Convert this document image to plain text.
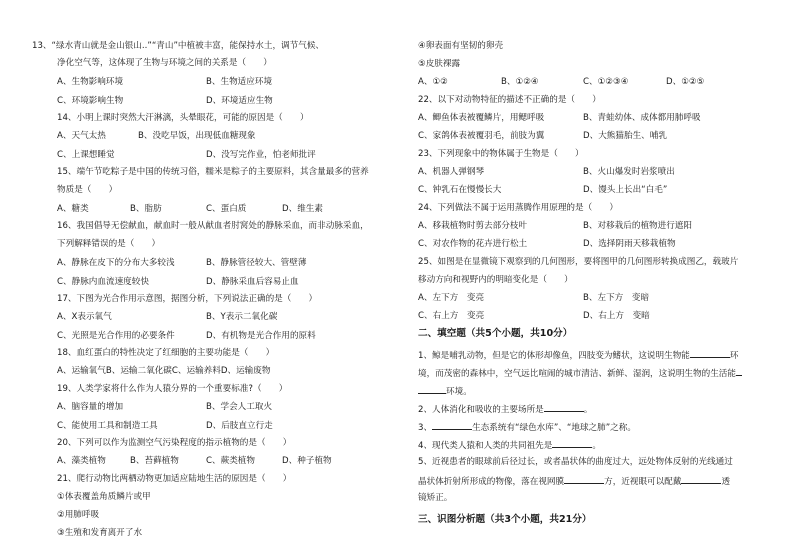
13、“绿水青山就是金山银山..”“青山”中植被丰富，能保持水土，调节气候、
净化空气等，这体现了生物与环境之间的关系是（　　）
A、生物影响环境	B、生物适应环境
C、环境影响生物	D、环境适应生物
14、小明上课时突然大汗淋漓，头晕眼花，可能的原因是（　　）
A、天气太热	B、没吃早饭，出现低血糖现象
C、上课想睡觉	D、没写完作业，怕老师批评
15、端午节吃粽子是中国的传统习俗，糯米是粽子的主要原料，其含量最多的营养
物质是（　　）
A、糖类	B、脂肪	C、蛋白质	D、维生素
16、我国倡导无偿献血，献血时一般从献血者肘窝处的静脉采血，而非动脉采血，
下列解释错误的是（　　）
A、静脉在皮下的分布大多较浅	B、静脉管径较大、管壁薄
C、静脉内血流速度较快	D、静脉采血后容易止血
17、下图为光合作用示意图，据图分析，下列说法正确的是（　　）
A、X表示氧气	B、Y表示二氧化碳
C、光照是光合作用的必要条件	D、有机物是光合作用的原料
18、血红蛋白的特性决定了红细胞的主要功能是（　　）
A、运输氧气B、运输二氧化碳C、运输养料D、运输废物
19、人类学家将什么作为人猿分界的一个重要标准?（　　）
A、脑容量的增加	B、学会人工取火
C、能使用工具和制造工具	D、后肢直立行走
20、下列可以作为监测空气污染程度的指示植物的是（　　）
A、藻类植物	B、苔藓植物	C、蕨类植物	D、种子植物
21、爬行动物比两栖动物更加适应陆地生活的原因是（　　）
①体表覆盖角质鳞片或甲
②用肺呼吸
③生殖和发育离开了水
④卵表面有坚韧的卵壳
⑤皮肤裸露
A、①②	B、①②④	C、①②③④	D、①②⑤
22、以下对动物特征的描述不正确的是（　　）
A、鲫鱼体表被覆鳞片，用鳃呼吸	B、青蛙幼体、成体都用肺呼吸
C、家鸽体表被覆羽毛，前肢为翼	D、大熊猫胎生、哺乳
23、下列现象中的物体属于生物是（　　）
A、机器人弹钢琴	B、火山爆发时岩浆喷出
C、钟乳石在慢慢长大	D、馒头上长出“白毛”
24、下列做法不属于运用蒸腾作用原理的是（　　）
A、移栽植物时剪去部分枝叶	B、对移栽后的植物进行遮阳
C、对农作物的花卉进行松土	D、选择阴雨天移栽植物
25、如图是在显微镜下观察到的几何图形，要将图甲的几何图形转换成图乙，载玻片
移动方向和视野内的明暗变化是（　　）
A、左下方　变亮	B、左下方　变暗
C、右上方　变亮	D、右上方　变暗
二、填空题（共5个小题，共10分）
1、鲸是哺乳动物，但是它的体形却像鱼，四肢变为鳍状，这说明生物能	环
境，而茂密的森林中，空气远比喧闹的城市清洁、新鲜、湿润，这说明生物的生活能
环境。
2、人体消化和吸收的主要场所是	。
3、	生态系统有“绿色水库”、“地球之肺”之称。
4、现代类人猿和人类的共同祖先是	。
5、近视患者的眼球前后径过长，或者晶状体的曲度过大，远处物体反射的光线通过
晶状体折射所形成的物像，落在视网膜	方，近视眼可以配戴	透
镜矫正。
三、识图分析题（共3个小题，共21分）
